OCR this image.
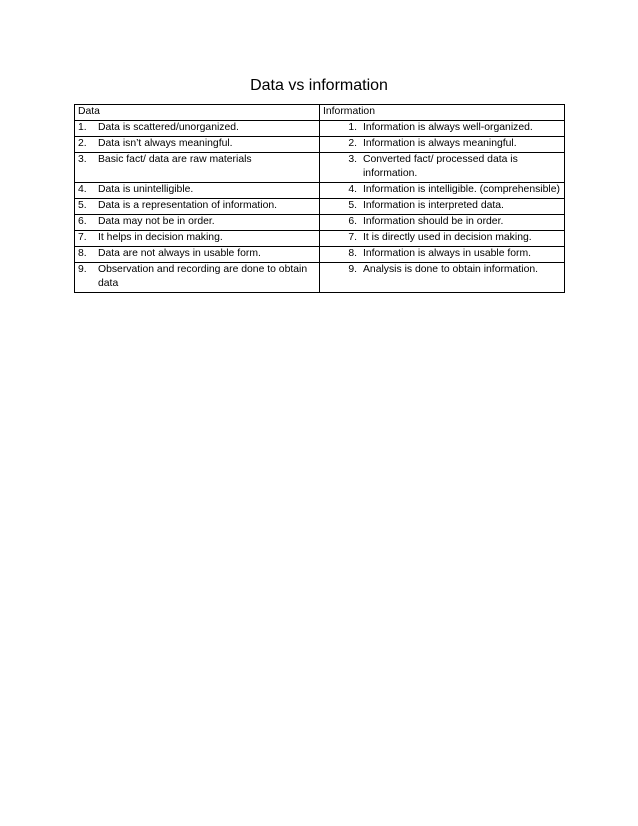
Data vs information
Data	Information

1. Data is scattered/unorganized.	1. Information is always well-organized.

2. Data isn’t always meaningful.	2. Information is always meaningful.

3. Basic fact/ data are raw materials	3. Converted fact/ processed data is information.

4. Data is unintelligible.	4. Information is intelligible. (comprehensible)

5. Data is a representation of information.	5. Information is interpreted data.

6. Data may not be in order.	6. Information should be in order.

7. It helps in decision making.	7. It is directly used in decision making.

8. Data are not always in usable form.	8. Information is always in usable form.

9. Observation and recording are done to obtain data	9. Analysis is done to obtain information.
